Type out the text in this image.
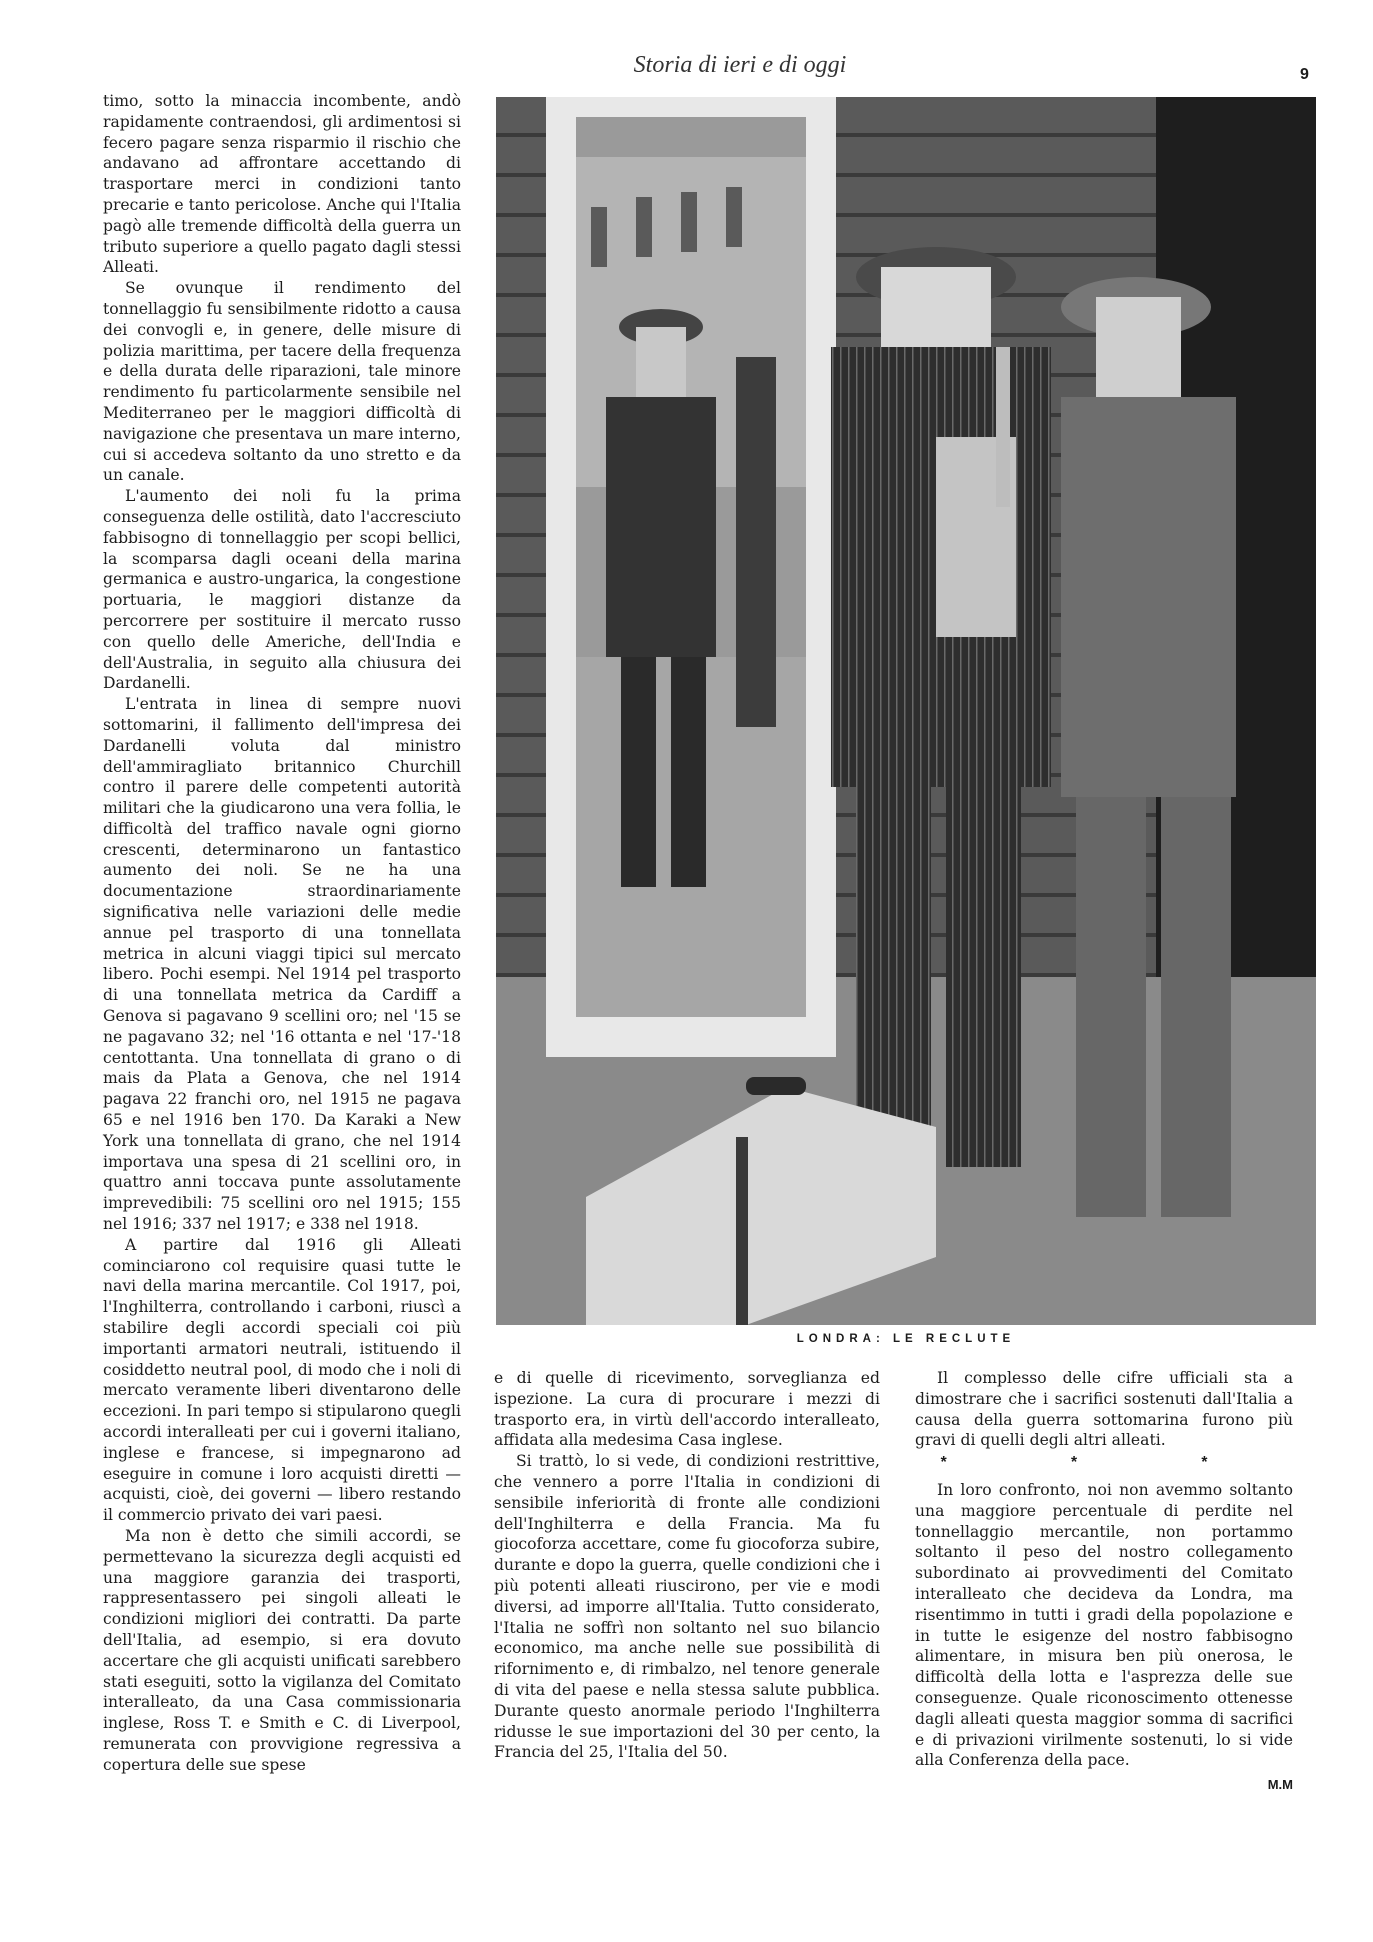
Storia di ieri e di oggi	9

timo, sotto la minaccia incombente, andò rapidamente contraendosi, gli ardimentosi si fecero pagare senza risparmio il rischio che andavano ad affrontare accettando di trasportare merci in condizioni tanto precarie e tanto pericolose. Anche qui l'Italia pagò alle tremende difficoltà della guerra un tributo superiore a quello pagato dagli stessi Alleati.

Se ovunque il rendimento del tonnellaggio fu sensibilmente ridotto a causa dei convogli e, in genere, delle misure di polizia marittima, per tacere della frequenza e della durata delle riparazioni, tale minore rendimento fu particolarmente sensibile nel Mediterraneo per le maggiori difficoltà di navigazione che presentava un mare interno, cui si accedeva soltanto da uno stretto e da un canale.

L'aumento dei noli fu la prima conseguenza delle ostilità, dato l'accresciuto fabbisogno di tonnellaggio per scopi bellici, la scomparsa dagli oceani della marina germanica e austro-ungarica, la congestione portuaria, le maggiori distanze da percorrere per sostituire il mercato russo con quello delle Americhe, dell'India e dell'Australia, in seguito alla chiusura dei Dardanelli.

L'entrata in linea di sempre nuovi sottomarini, il fallimento dell'impresa dei Dardanelli voluta dal ministro dell'ammiragliato britannico Churchill contro il parere delle competenti autorità militari che la giudicarono una vera follia, le difficoltà del traffico navale ogni giorno crescenti, determinarono un fantastico aumento dei noli. Se ne ha una documentazione straordinariamente significativa nelle variazioni delle medie annue pel trasporto di una tonnellata metrica in alcuni viaggi tipici sul mercato libero. Pochi esempi. Nel 1914 pel trasporto di una tonnellata metrica da Cardiff a Genova si pagavano 9 scellini oro; nel '15 se ne pagavano 32; nel '16 ottanta e nel '17-'18 centottanta. Una tonnellata di grano o di mais da Plata a Genova, che nel 1914 pagava 22 franchi oro, nel 1915 ne pagava 65 e nel 1916 ben 170. Da Karaki a New York una tonnellata di grano, che nel 1914 importava una spesa di 21 scellini oro, in quattro anni toccava punte assolutamente imprevedibili: 75 scellini oro nel 1915; 155 nel 1916; 337 nel 1917; e 338 nel 1918.

A partire dal 1916 gli Alleati cominciarono col requisire quasi tutte le navi della marina mercantile. Col 1917, poi, l'Inghilterra, controllando i carboni, riuscì a stabilire degli accordi speciali coi più importanti armatori neutrali, istituendo il cosiddetto neutral pool, di modo che i noli di mercato veramente liberi diventarono delle eccezioni. In pari tempo si stipularono quegli accordi interalleati per cui i governi italiano, inglese e francese, si impegnarono ad eseguire in comune i loro acquisti diretti — acquisti, cioè, dei governi — libero restando il commercio privato dei vari paesi.

Ma non è detto che simili accordi, se permettevano la sicurezza degli acquisti ed una maggiore garanzia dei trasporti, rappresentassero pei singoli alleati le condizioni migliori dei contratti. Da parte dell'Italia, ad esempio, si era dovuto accertare che gli acquisti unificati sarebbero stati eseguiti, sotto la vigilanza del Comitato interalleato, da una Casa commissionaria inglese, Ross T. e Smith e C. di Liverpool, remunerata con provvigione regressiva a copertura delle sue spese

LONDRA: LE RECLUTE

e di quelle di ricevimento, sorveglianza ed ispezione. La cura di procurare i mezzi di trasporto era, in virtù dell'accordo interalleato, affidata alla medesima Casa inglese.

Si trattò, lo si vede, di condizioni restrittive, che vennero a porre l'Italia in condizioni di sensibile inferiorità di fronte alle condizioni dell'Inghilterra e della Francia. Ma fu giocoforza accettare, come fu giocoforza subire, durante e dopo la guerra, quelle condizioni che i più potenti alleati riuscirono, per vie e modi diversi, ad imporre all'Italia. Tutto considerato, l'Italia ne soffrì non soltanto nel suo bilancio economico, ma anche nelle sue possibilità di rifornimento e, di rimbalzo, nel tenore generale di vita del paese e nella stessa salute pubblica. Durante questo anormale periodo l'Inghilterra ridusse le sue importazioni del 30 per cento, la Francia del 25, l'Italia del 50.

Il complesso delle cifre ufficiali sta a dimostrare che i sacrifici sostenuti dall'Italia a causa della guerra sottomarina furono più gravi di quelli degli altri alleati.

* * *

In loro confronto, noi non avemmo soltanto una maggiore percentuale di perdite nel tonnellaggio mercantile, non portammo soltanto il peso del nostro collegamento subordinato ai provvedimenti del Comitato interalleato che decideva da Londra, ma risentimmo in tutti i gradi della popolazione e in tutte le esigenze del nostro fabbisogno alimentare, in misura ben più onerosa, le difficoltà della lotta e l'asprezza delle sue conseguenze. Quale riconoscimento ottenesse dagli alleati questa maggior somma di sacrifici e di privazioni virilmente sostenuti, lo si vide alla Conferenza della pace.

M.M
